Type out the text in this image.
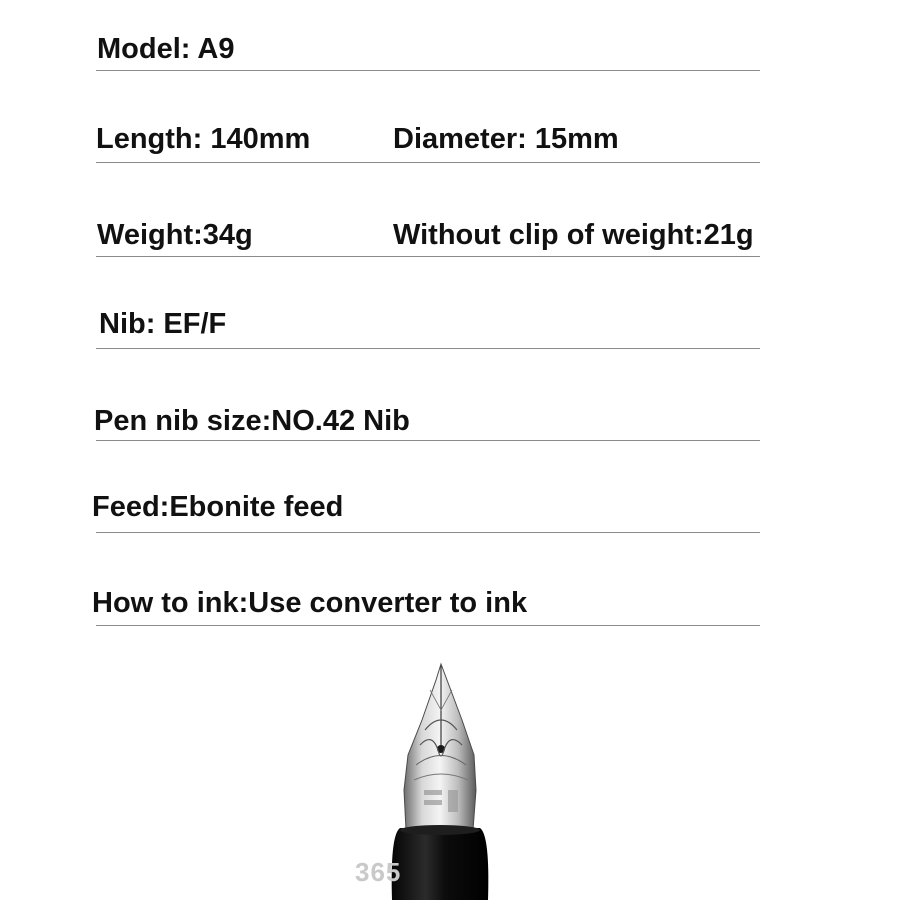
Model: A9
Length: 140mm	Diameter: 15mm
Weight:34g	Without clip of weight:21g
Nib: EF/F
Pen nib size:NO.42 Nib
Feed:Ebonite feed
How to ink:Use converter to ink
365
